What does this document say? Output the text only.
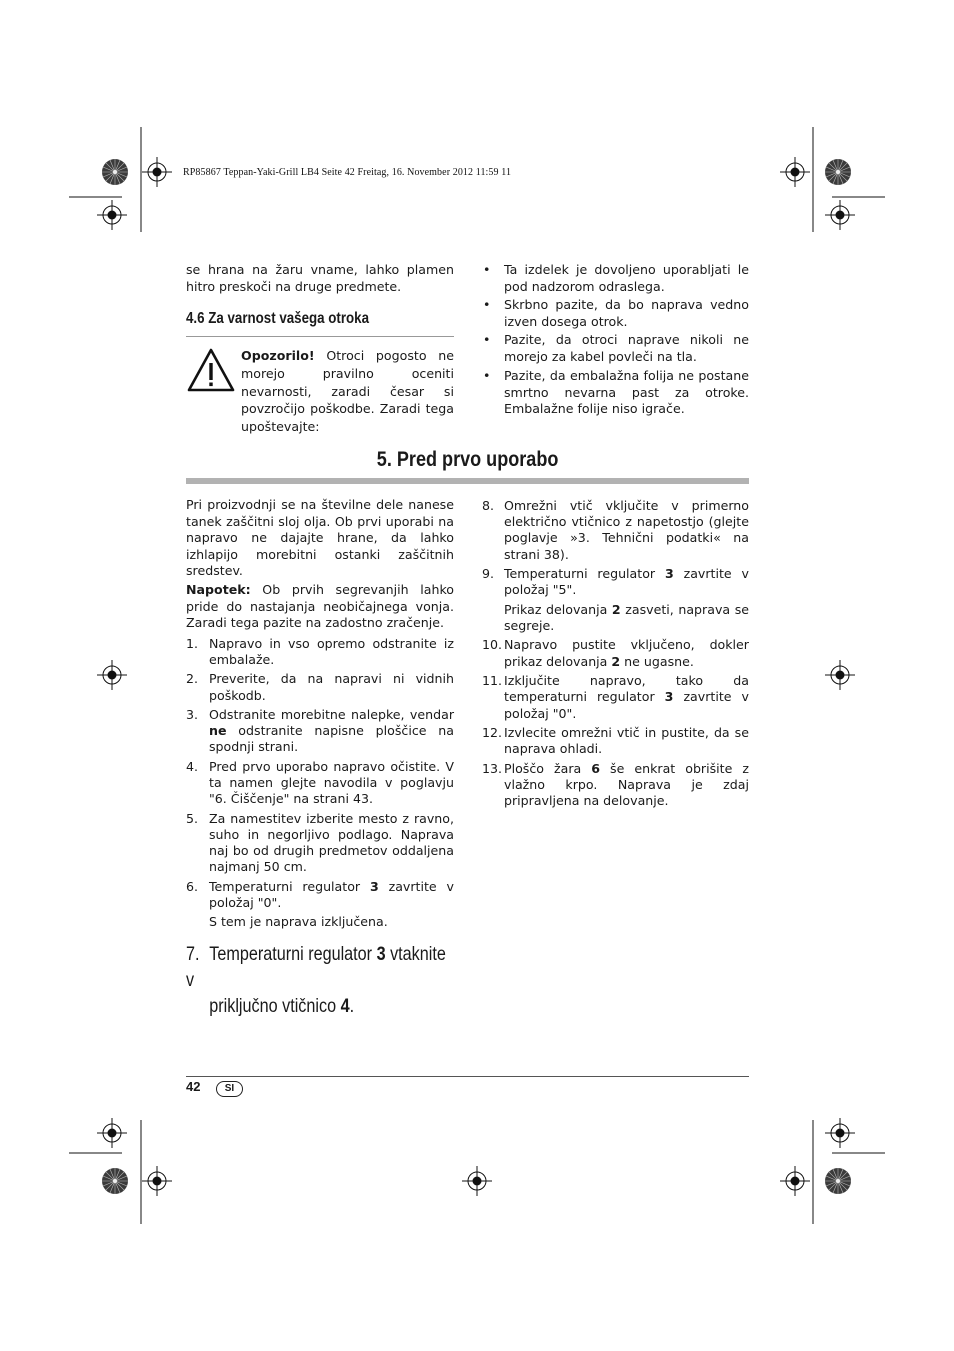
RP85867 Teppan-Yaki-Grill LB4 Seite 42 Freitag, 16. November 2012 11:59 11
se hrana na žaru vname, lahko plamen hitro preskoči na druge predmete.
4.6 Za varnost vašega otroka
Opozorilo! Otroci pogosto ne morejo pravilno oceniti nevarnosti, zaradi česar si povzročijo poškodbe. Zaradi tega upoštevajte:
• Ta izdelek je dovoljeno uporabljati le pod nadzorom odraslega.
• Skrbno pazite, da bo naprava vedno izven dosega otrok.
• Pazite, da otroci naprave nikoli ne morejo za kabel povleči na tla.
• Pazite, da embalažna folija ne postane smrtno nevarna past za otroke. Embalažne folije niso igrače.
5. Pred prvo uporabo
Pri proizvodnji se na številne dele nanese tanek zaščitni sloj olja. Ob prvi uporabi na napravo ne dajajte hrane, da lahko izhlapijo morebitni ostanki zaščitnih sredstev.
Napotek: Ob prvih segrevanjih lahko pride do nastajanja neobičajnega vonja. Zaradi tega pazite na zadostno zračenje.
1. Napravo in vso opremo odstranite iz embalaže.
2. Preverite, da na napravi ni vidnih poškodb.
3. Odstranite morebitne nalepke, vendar ne odstranite napisne ploščice na spodnji strani.
4. Pred prvo uporabo napravo očistite. V ta namen glejte navodila v poglavju "6. Čiščenje" na strani 43.
5. Za namestitev izberite mesto z ravno, suho in negorljivo podlago. Naprava naj bo od drugih predmetov oddaljena najmanj 50 cm.
6. Temperaturni regulator 3 zavrtite v položaj "0".

S tem je naprava izključena.

7. Temperaturni regulator 3 vtaknite v
priključno vtičnico 4.
8. Omrežni vtič vključite v primerno električno vtičnico z napetostjo (glejte poglavje »3. Tehnični podatki« na strani 38).
9. Temperaturni regulator 3 zavrtite v položaj "5".

Prikaz delovanja 2 zasveti, naprava se segreje.

10. Napravo pustite vključeno, dokler prikaz delovanja 2 ne ugasne.
11. Izključite napravo, tako da temperaturni regulator 3 zavrtite v položaj "0".
12. Izvlecite omrežni vtič in pustite, da se naprava ohladi.
13. Ploščo žara 6 še enkrat obrišite z vlažno krpo. Naprava je zdaj pripravljena na delovanje.
42	SI
